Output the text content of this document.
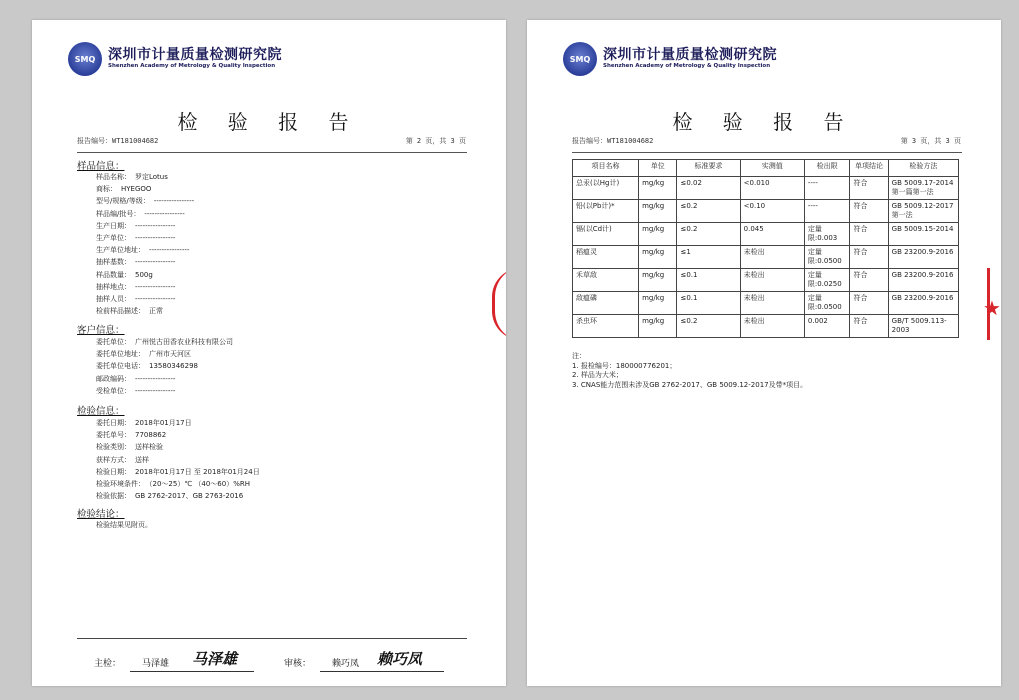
SMQ 深圳市计量质量检测研究院
Shenzhen Academy of Metrology & Quality Inspection
检 验 报 告
报告编号：WT181004682	第 2 页，共 3 页
样品信息：
样品名称： 罗定Lotus
商标： HYEGOO
型号/规格/等级： ----------------
样品编/批号： ----------------
生产日期： ----------------
生产单位： ----------------
生产单位地址： ----------------
抽样基数： ----------------
样品数量： 500g
抽样地点： ----------------
抽样人员： ----------------
检前样品描述： 正常
客户信息：
委托单位： 广州悦古田香农业科技有限公司
委托单位地址： 广州市天河区
委托单位电话： 13580346298
邮政编码： ----------------
受检单位： ----------------
检验信息：
委托日期： 2018年01月17日
委托单号： 7708862
检验类别： 送样检验
获样方式： 送样
检验日期： 2018年01月17日 至 2018年01月24日
检验环境条件： （20～25）℃ （40～60）%RH
检验依据： GB 2762-2017、GB 2763-2016
检验结论：
检验结果见附页。
主检： 马泽雄 马泽雄	审核： 赖巧凤 赖巧凤
SMQ 深圳市计量质量检测研究院
Shenzhen Academy of Metrology & Quality Inspection
检 验 报 告
报告编号：WT181004682	第 3 页，共 3 页
项目名称	单位	标准要求	实测值	检出限	单项结论	检验方法
总汞(以Hg计)	mg/kg	≤0.02	<0.010	----	符合	GB 5009.17-2014 第一篇第一法
铅(以Pb计)*	mg/kg	≤0.2	<0.10	----	符合	GB 5009.12-2017第一法
镉(以Cd计)	mg/kg	≤0.2	0.045	定量限:0.003	符合	GB 5009.15-2014
稻瘟灵	mg/kg	≤1	未检出	定量限:0.0500	符合	GB 23200.9-2016
禾草敌	mg/kg	≤0.1	未检出	定量限:0.0250	符合	GB 23200.9-2016
敌瘟磷	mg/kg	≤0.1	未检出	定量限:0.0500	符合	GB 23200.9-2016
杀虫环	mg/kg	≤0.2	未检出	0.002	符合	GB/T 5009.113-2003
注：
1. 报检编号：180000776201；
2. 样品为大米；
3. CNAS能力范围未涉及GB 2762-2017、GB 5009.12-2017及带*项目。
★
